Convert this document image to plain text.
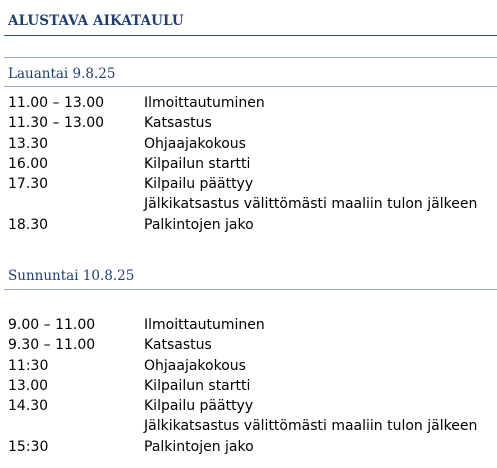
ALUSTAVA AIKATAULU
Lauantai 9.8.25
11.00 – 13.00	Ilmoittautuminen
11.30 – 13.00	Katsastus
13.30	Ohjaajakokous
16.00	Kilpailun startti
17.30	Kilpailu päättyy
Jälkikatsastus välittömästi maaliin tulon jälkeen
18.30	Palkintojen jako
Sunnuntai 10.8.25
9.00 – 11.00	Ilmoittautuminen
9.30 – 11.00	Katsastus
11:30	Ohjaajakokous
13.00	Kilpailun startti
14.30	Kilpailu päättyy
Jälkikatsastus välittömästi maaliin tulon jälkeen
15:30	Palkintojen jako
